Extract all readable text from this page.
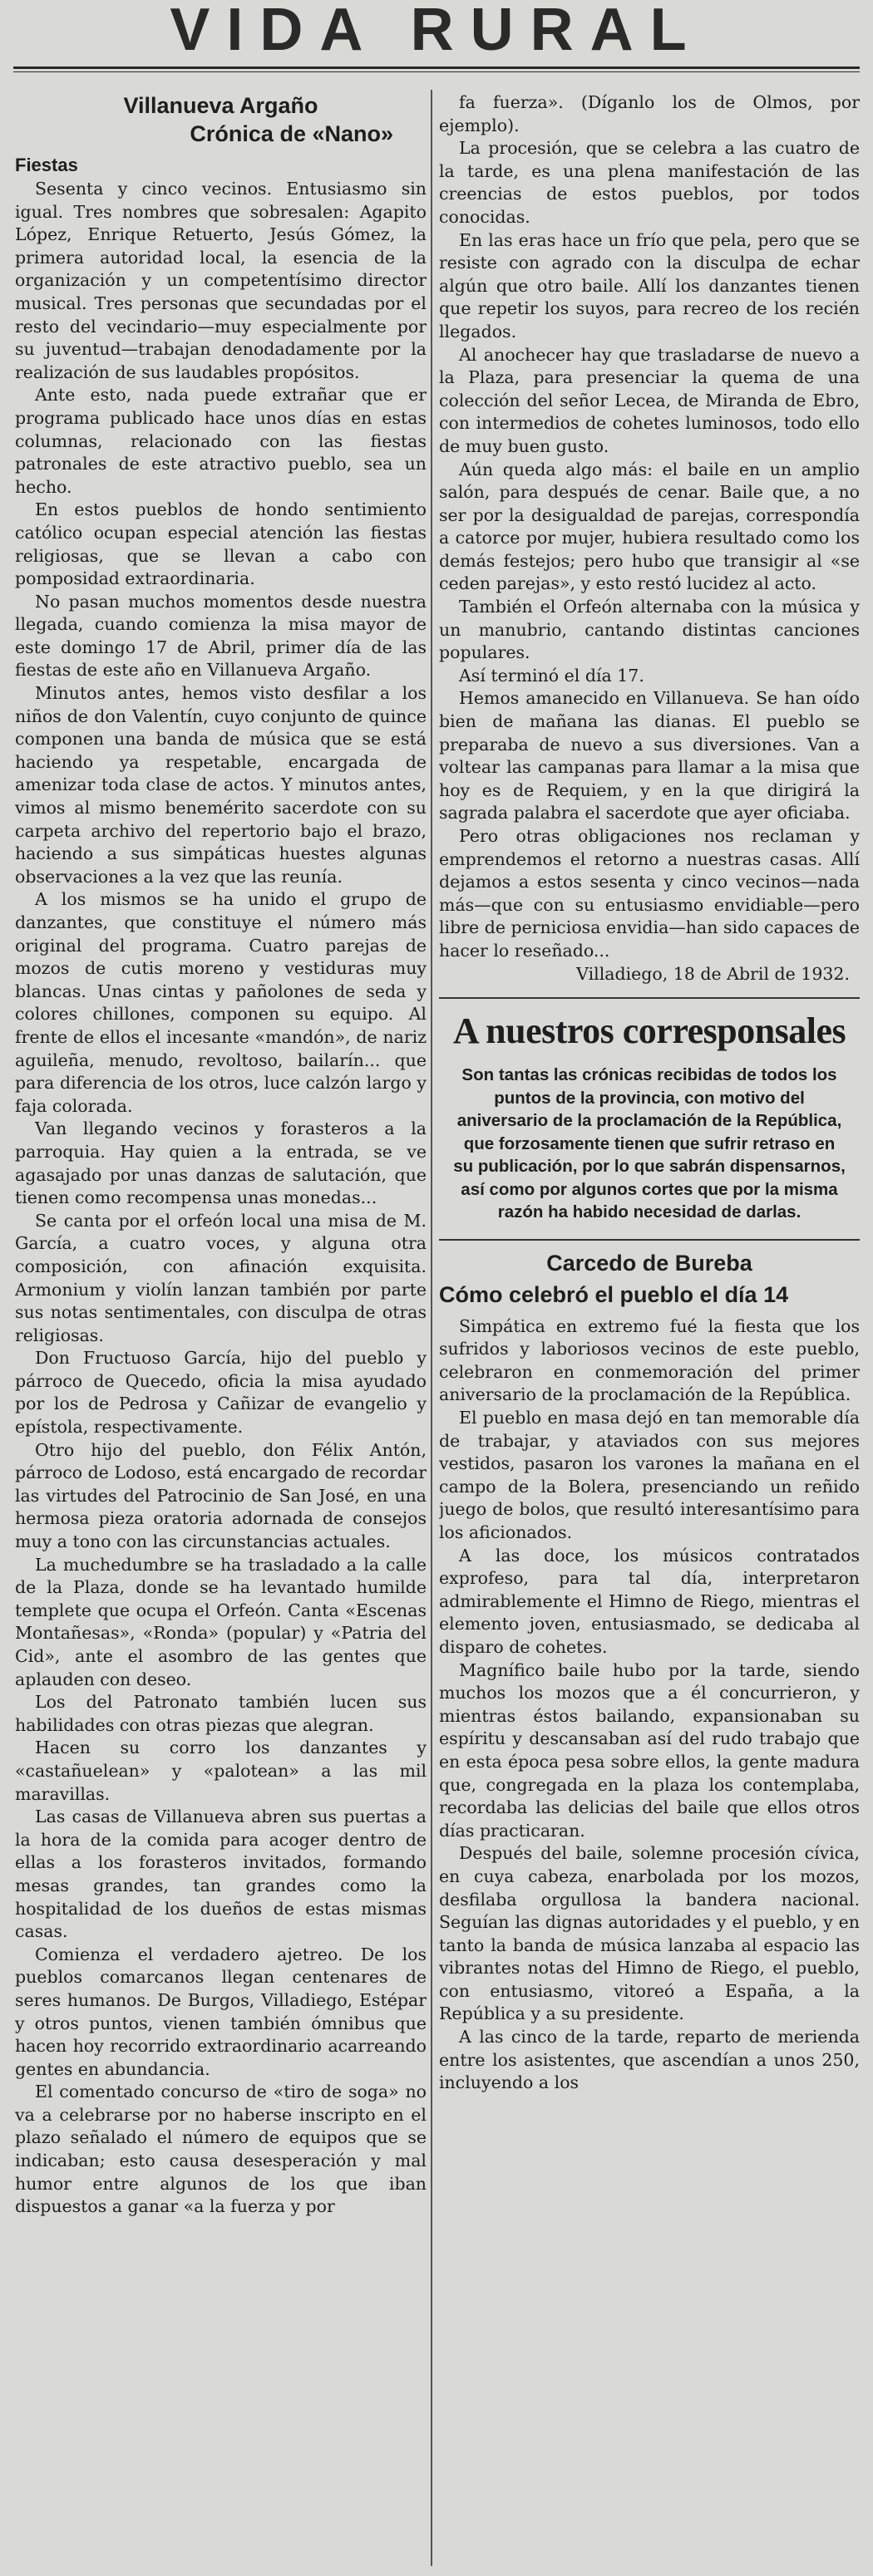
VIDA RURAL
Villanueva Argaño
Crónica de «Nano»
Fiestas

Sesenta y cinco vecinos. Entusiasmo sin igual. Tres nombres que sobresalen: Agapito López, Enrique Retuerto, Jesús Gómez, la primera autoridad local, la esencia de la organización y un competentísimo director musical. Tres personas que secundadas por el resto del vecindario—muy especialmente por su juventud—trabajan denodadamente por la realización de sus laudables propósitos.

Ante esto, nada puede extrañar que er programa publicado hace unos días en estas columnas, relacionado con las fiestas patronales de este atractivo pueblo, sea un hecho.

En estos pueblos de hondo sentimiento católico ocupan especial atención las fiestas religiosas, que se llevan a cabo con pomposidad extraordinaria.

No pasan muchos momentos desde nuestra llegada, cuando comienza la misa mayor de este domingo 17 de Abril, primer día de las fiestas de este año en Villanueva Argaño.

Minutos antes, hemos visto desfilar a los niños de don Valentín, cuyo conjunto de quince componen una banda de música que se está haciendo ya respetable, encargada de amenizar toda clase de actos. Y minutos antes, vimos al mismo benemérito sacerdote con su carpeta archivo del repertorio bajo el brazo, haciendo a sus simpáticas huestes algunas observaciones a la vez que las reunía.

A los mismos se ha unido el grupo de danzantes, que constituye el número más original del programa. Cuatro parejas de mozos de cutis moreno y vestiduras muy blancas. Unas cintas y pañolones de seda y colores chillones, componen su equipo. Al frente de ellos el incesante «mandón», de nariz aguileña, menudo, revoltoso, bailarín... que para diferencia de los otros, luce calzón largo y faja colorada.

Van llegando vecinos y forasteros a la parroquia. Hay quien a la entrada, se ve agasajado por unas danzas de salutación, que tienen como recompensa unas monedas...

Se canta por el orfeón local una misa de M. García, a cuatro voces, y alguna otra composición, con afinación exquisita. Armonium y violín lanzan también por parte sus notas sentimentales, con disculpa de otras religiosas.

Don Fructuoso García, hijo del pueblo y párroco de Quecedo, oficia la misa ayudado por los de Pedrosa y Cañizar de evangelio y epístola, respectivamente.

Otro hijo del pueblo, don Félix Antón, párroco de Lodoso, está encargado de recordar las virtudes del Patrocinio de San José, en una hermosa pieza oratoria adornada de consejos muy a tono con las circunstancias actuales.

La muchedumbre se ha trasladado a la calle de la Plaza, donde se ha levantado humilde templete que ocupa el Orfeón. Canta «Escenas Montañesas», «Ronda» (popular) y «Patria del Cid», ante el asombro de las gentes que aplauden con deseo.

Los del Patronato también lucen sus habilidades con otras piezas que alegran.

Hacen su corro los danzantes y «castañuelean» y «palotean» a las mil maravillas.

Las casas de Villanueva abren sus puertas a la hora de la comida para acoger dentro de ellas a los forasteros invitados, formando mesas grandes, tan grandes como la hospitalidad de los dueños de estas mismas casas.

Comienza el verdadero ajetreo. De los pueblos comarcanos llegan centenares de seres humanos. De Burgos, Villadiego, Estépar y otros puntos, vienen también ómnibus que hacen hoy recorrido extraordinario acarreando gentes en abundancia.

El comentado concurso de «tiro de soga» no va a celebrarse por no haberse inscripto en el plazo señalado el número de equipos que se indicaban; esto causa desesperación y mal humor entre algunos de los que iban dispuestos a ganar «a la fuerza y por

fa fuerza». (Díganlo los de Olmos, por ejemplo).

La procesión, que se celebra a las cuatro de la tarde, es una plena manifestación de las creencias de estos pueblos, por todos conocidas.

En las eras hace un frío que pela, pero que se resiste con agrado con la disculpa de echar algún que otro baile. Allí los danzantes tienen que repetir los suyos, para recreo de los recién llegados.

Al anochecer hay que trasladarse de nuevo a la Plaza, para presenciar la quema de una colección del señor Lecea, de Miranda de Ebro, con intermedios de cohetes luminosos, todo ello de muy buen gusto.

Aún queda algo más: el baile en un amplio salón, para después de cenar. Baile que, a no ser por la desigualdad de parejas, correspondía a catorce por mujer, hubiera resultado como los demás festejos; pero hubo que transigir al «se ceden parejas», y esto restó lucidez al acto.

También el Orfeón alternaba con la música y un manubrio, cantando distintas canciones populares.

Así terminó el día 17.

Hemos amanecido en Villanueva. Se han oído bien de mañana las dianas. El pueblo se preparaba de nuevo a sus diversiones. Van a voltear las campanas para llamar a la misa que hoy es de Requiem, y en la que dirigirá la sagrada palabra el sacerdote que ayer oficiaba.

Pero otras obligaciones nos reclaman y emprendemos el retorno a nuestras casas. Allí dejamos a estos sesenta y cinco vecinos—nada más—que con su entusiasmo envidiable—pero libre de perniciosa envidia—han sido capaces de hacer lo reseñado...

Villadiego, 18 de Abril de 1932.

A nuestros corresponsales
Son tantas las crónicas recibidas de todos los puntos de la provincia, con motivo del aniversario de la proclamación de la República, que forzosamente tienen que sufrir retraso en su publicación, por lo que sabrán dispensarnos, así como por algunos cortes que por la misma razón ha habido necesidad de darlas.
Carcedo de Bureba
Cómo celebró el pueblo el día 14

Simpática en extremo fué la fiesta que los sufridos y laboriosos vecinos de este pueblo, celebraron en conmemoración del primer aniversario de la proclamación de la República.

El pueblo en masa dejó en tan memorable día de trabajar, y ataviados con sus mejores vestidos, pasaron los varones la mañana en el campo de la Bolera, presenciando un reñido juego de bolos, que resultó interesantísimo para los aficionados.

A las doce, los músicos contratados exprofeso, para tal día, interpretaron admirablemente el Himno de Riego, mientras el elemento joven, entusiasmado, se dedicaba al disparo de cohetes.

Magnífico baile hubo por la tarde, siendo muchos los mozos que a él concurrieron, y mientras éstos bailando, expansionaban su espíritu y descansaban así del rudo trabajo que en esta época pesa sobre ellos, la gente madura que, congregada en la plaza los contemplaba, recordaba las delicias del baile que ellos otros días practicaran.

Después del baile, solemne procesión cívica, en cuya cabeza, enarbolada por los mozos, desfilaba orgullosa la bandera nacional. Seguían las dignas autoridades y el pueblo, y en tanto la banda de música lanzaba al espacio las vibrantes notas del Himno de Riego, el pueblo, con entusiasmo, vitoreó a España, a la República y a su presidente.

A las cinco de la tarde, reparto de merienda entre los asistentes, que ascendían a unos 250, incluyendo a los
